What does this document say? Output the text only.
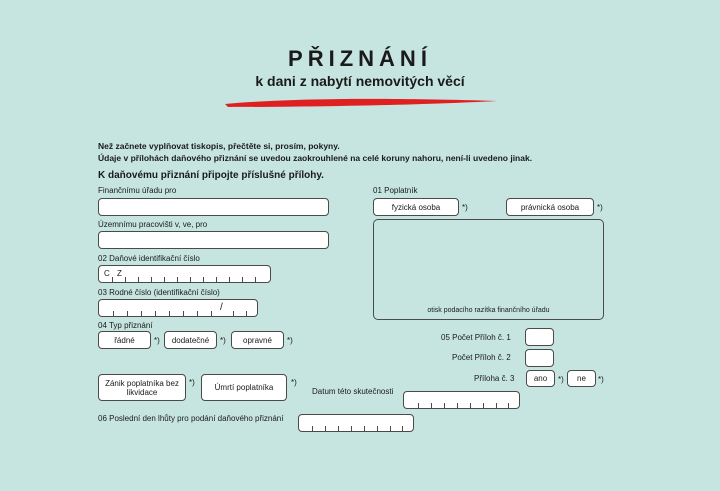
PŘIZNÁNÍ
k dani z nabytí nemovitých věcí
Než začnete vyplňovat tiskopis, přečtěte si, prosím, pokyny.
Údaje v přílohách daňového přiznání se uvedou zaokrouhlené na celé koruny nahoru, není-li uvedeno jinak.
K daňovému přiznání připojte příslušné přílohy.
Finančnímu úřadu pro
Územnímu pracovišti v, ve, pro
02 Daňové identifikační číslo
C Z
03 Rodné číslo (identifikační číslo)
/
04 Typ přiznání
řádné	*)	dodatečné	*)	opravné	*)
Zánik poplatníka bez likvidace
*)
Úmrtí poplatníka
*)
Datum této skutečnosti
06 Poslední den lhůty pro podání daňového přiznání
01 Poplatník
fyzická osoba	*)	právnická osoba	*)
otisk podacího razítka finančního úřadu
05 Počet Příloh č. 1
Počet Příloh č. 2
Příloha č. 3	ano	*)	ne	*)
